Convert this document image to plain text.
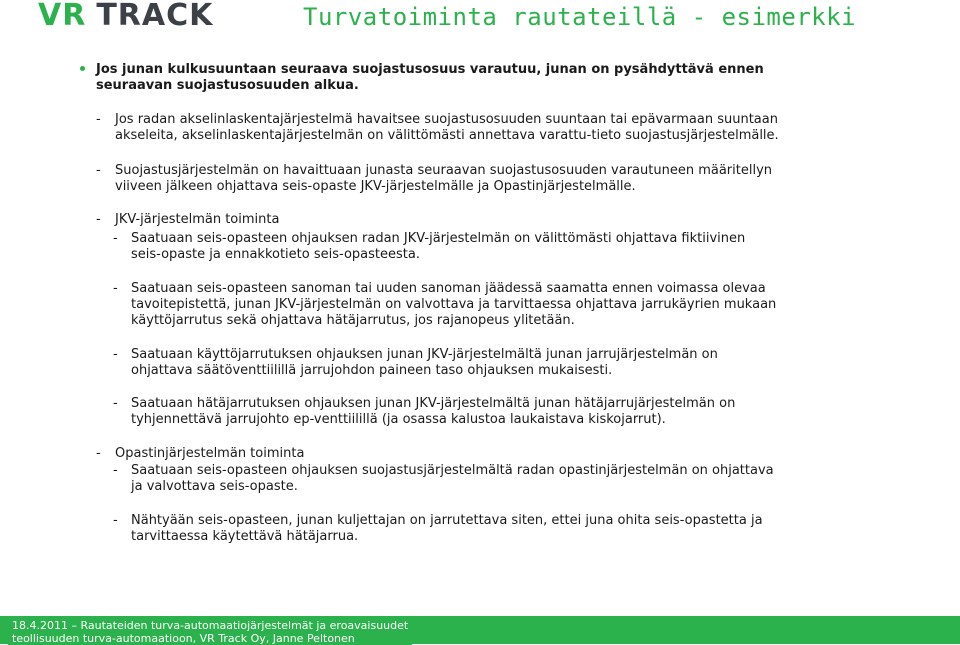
VR TRACK	Turvatoiminta rautateillä - esimerkki
Jos junan kulkusuuntaan seuraava suojastusosuus varautuu, junan on pysähdyttävä ennen
seuraavan suojastusosuuden alkua.
- Jos radan akselinlaskentajärjestelmä havaitsee suojastusosuuden suuntaan tai epävarmaan suuntaan
akseleita, akselinlaskentajärjestelmän on välittömästi annettava varattu-tieto suojastusjärjestelmälle.
- Suojastusjärjestelmän on havaittuaan junasta seuraavan suojastusosuuden varautuneen määritellyn
viiveen jälkeen ohjattava seis-opaste JKV-järjestelmälle ja Opastinjärjestelmälle.
- JKV-järjestelmän toiminta
- Saatuaan seis-opasteen ohjauksen radan JKV-järjestelmän on välittömästi ohjattava fiktiivinen
seis-opaste ja ennakkotieto seis-opasteesta.
- Saatuaan seis-opasteen sanoman tai uuden sanoman jäädessä saamatta ennen voimassa olevaa
tavoitepistettä, junan JKV-järjestelmän on valvottava ja tarvittaessa ohjattava jarrukäyrien mukaan
käyttöjarrutus sekä ohjattava hätäjarrutus, jos rajanopeus ylitetään.
- Saatuaan käyttöjarrutuksen ohjauksen junan JKV-järjestelmältä junan jarrujärjestelmän on
ohjattava säätöventtiilillä jarrujohdon paineen taso ohjauksen mukaisesti.
- Saatuaan hätäjarrutuksen ohjauksen junan JKV-järjestelmältä junan hätäjarrujärjestelmän on
tyhjennettävä jarrujohto ep-venttiilillä (ja osassa kalustoa laukaistava kiskojarrut).
- Opastinjärjestelmän toiminta
- Saatuaan seis-opasteen ohjauksen suojastusjärjestelmältä radan opastinjärjestelmän on ohjattava
ja valvottava seis-opaste.
- Nähtyään seis-opasteen, junan kuljettajan on jarrutettava siten, ettei juna ohita seis-opastetta ja
tarvittaessa käytettävä hätäjarrua.
18.4.2011 – Rautateiden turva-automaatiojärjestelmät ja eroavaisuudet
teollisuuden turva-automaatioon, VR Track Oy, Janne Peltonen
